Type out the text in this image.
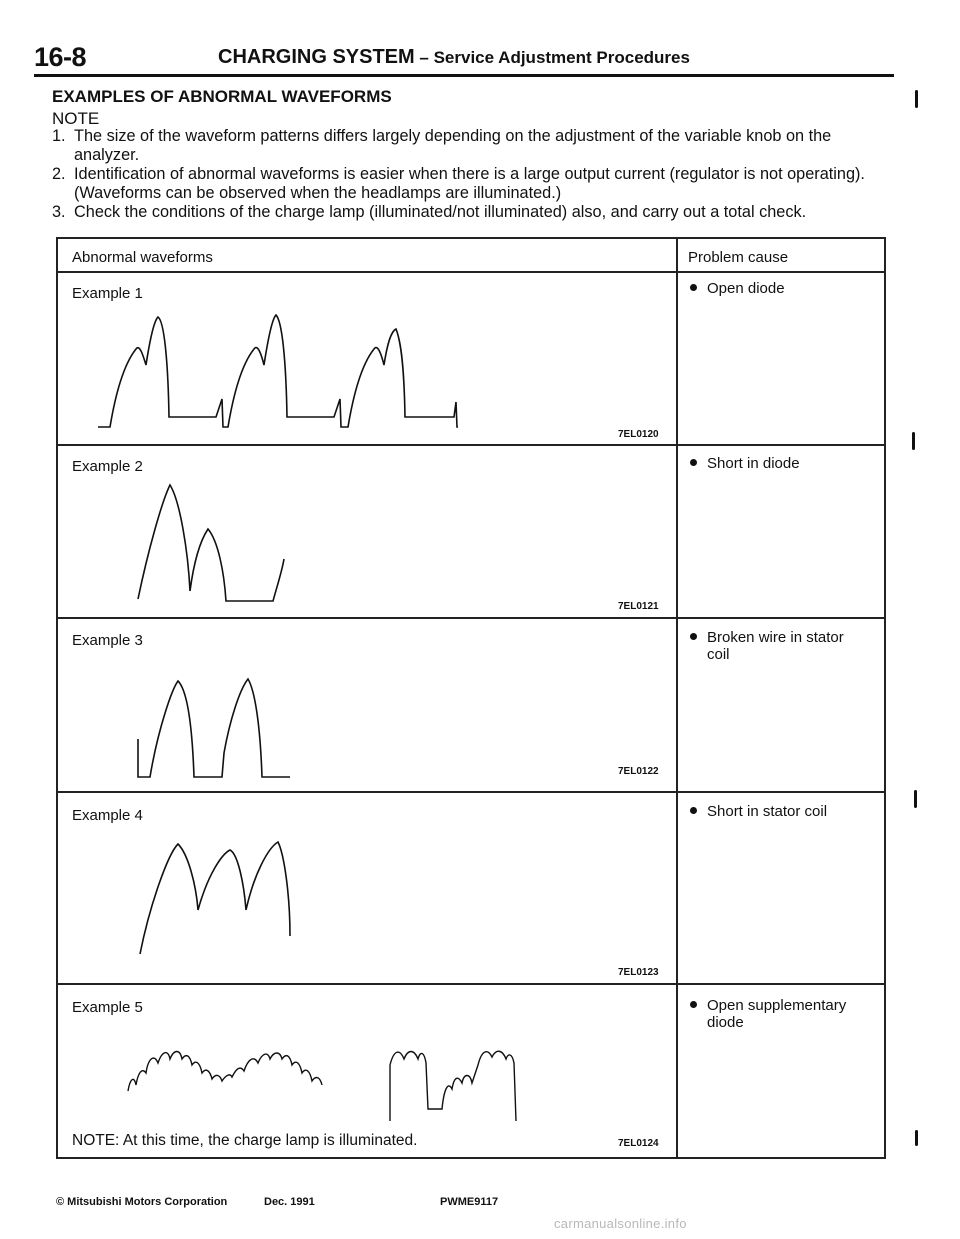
16-8	CHARGING SYSTEM – Service Adjustment Procedures
EXAMPLES OF ABNORMAL WAVEFORMS
NOTE
1. The size of the waveform patterns differs largely depending on the adjustment of the variable knob on the analyzer.
2. Identification of abnormal waveforms is easier when there is a large output current (regulator is not operating). (Waveforms can be observed when the headlamps are illuminated.)
3. Check the conditions of the charge lamp (illuminated/not illuminated) also, and carry out a total check.
Abnormal waveforms	Problem cause
Example 1	Open diode
7EL0120
Example 2	Short in diode
7EL0121
Example 3	Broken wire in stator
coil
7EL0122
Example 4	Short in stator coil
7EL0123
Example 5	Open supplementary
diode
NOTE: At this time, the charge lamp is illuminated.	7EL0124
© Mitsubishi Motors Corporation	Dec. 1991	PWME9117
carmanualsonline.info
